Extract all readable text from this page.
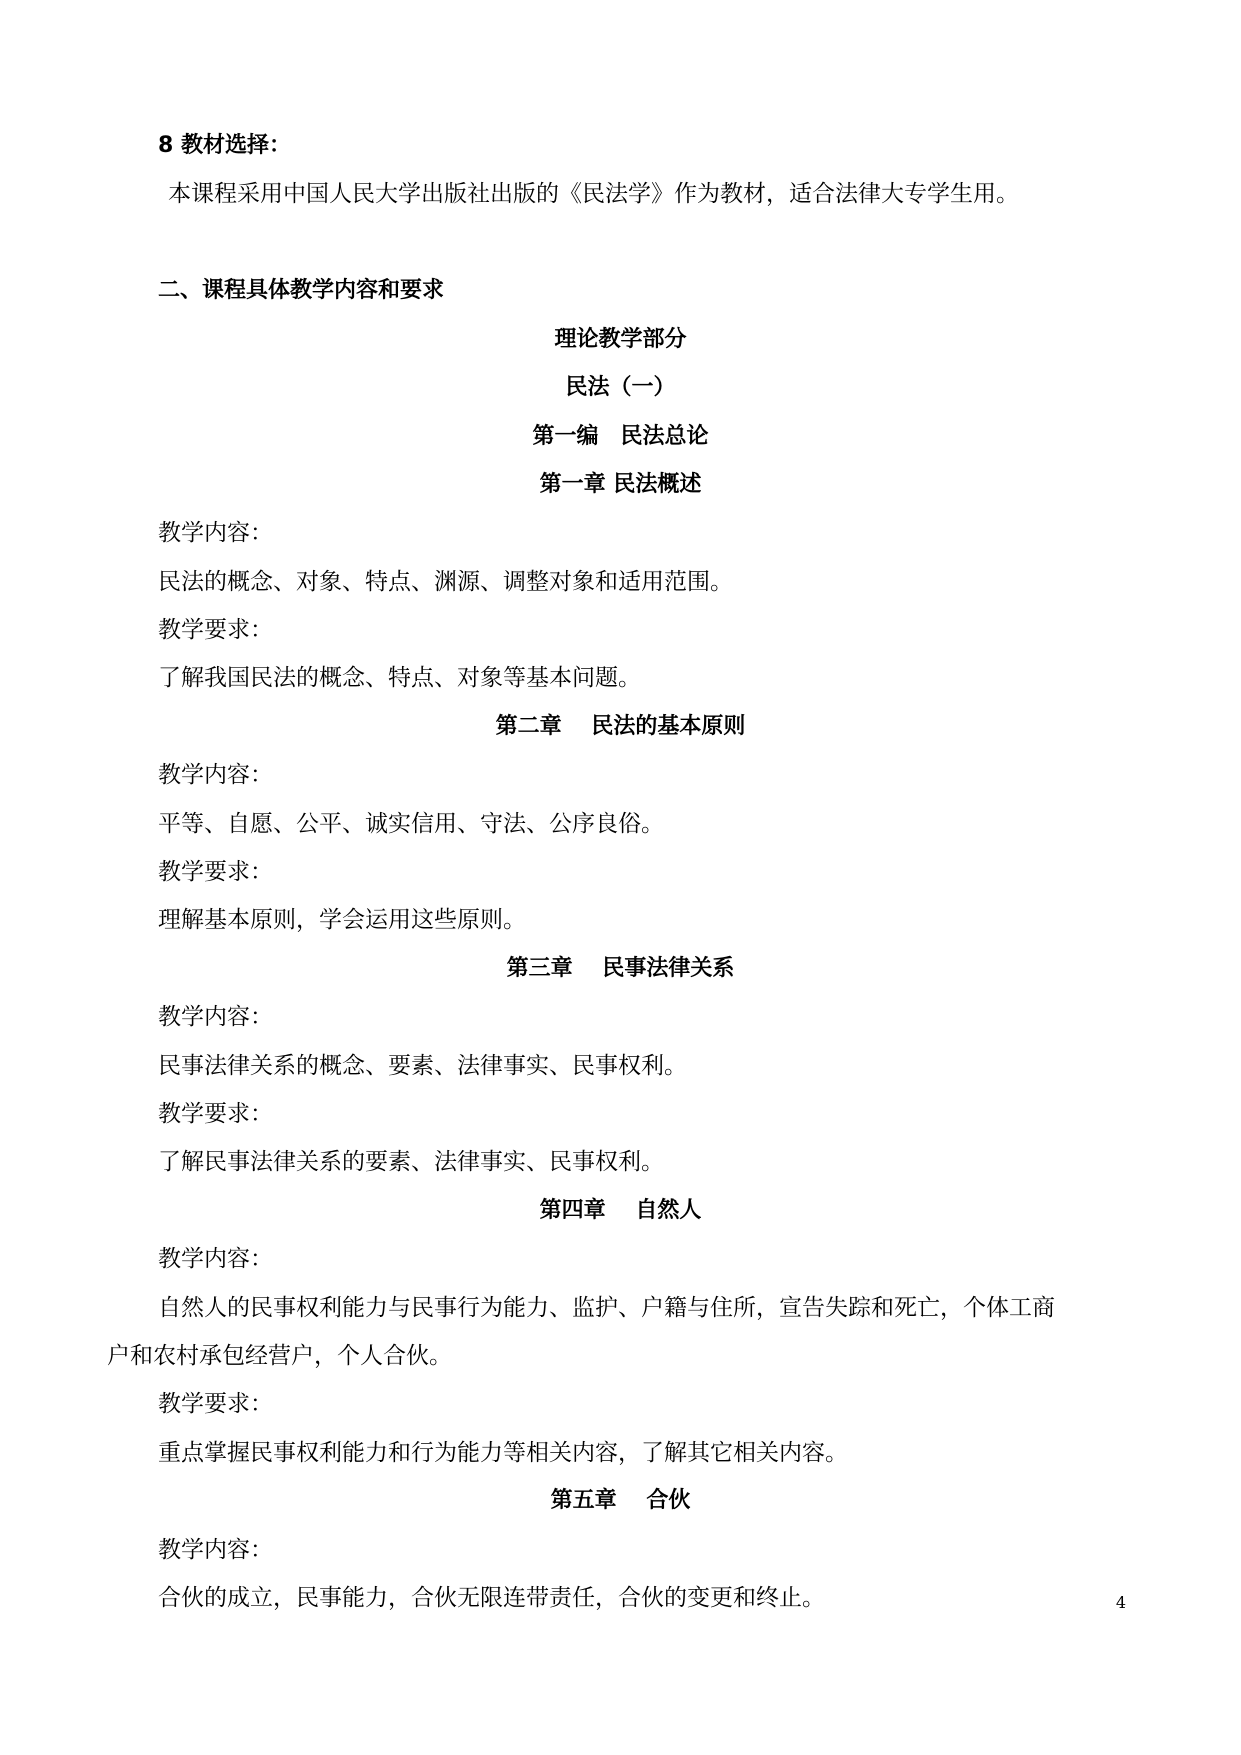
8 教材选择：
本课程采用中国人民大学出版社出版的《民法学》作为教材，适合法律大专学生用。
二、课程具体教学内容和要求
理论教学部分
民法（一）
第一编　民法总论
第一章 民法概述
教学内容：
民法的概念、对象、特点、渊源、调整对象和适用范围。
教学要求：
了解我国民法的概念、特点、对象等基本问题。
第二章　 民法的基本原则
教学内容：
平等、自愿、公平、诚实信用、守法、公序良俗。
教学要求：
理解基本原则，学会运用这些原则。
第三章　 民事法律关系
教学内容：
民事法律关系的概念、要素、法律事实、民事权利。
教学要求：
了解民事法律关系的要素、法律事实、民事权利。
第四章　 自然人
教学内容：
自然人的民事权利能力与民事行为能力、监护、户籍与住所，宣告失踪和死亡，个体工商
户和农村承包经营户，个人合伙。
教学要求：
重点掌握民事权利能力和行为能力等相关内容，了解其它相关内容。
第五章　 合伙
教学内容：
合伙的成立，民事能力，合伙无限连带责任，合伙的变更和终止。	4
